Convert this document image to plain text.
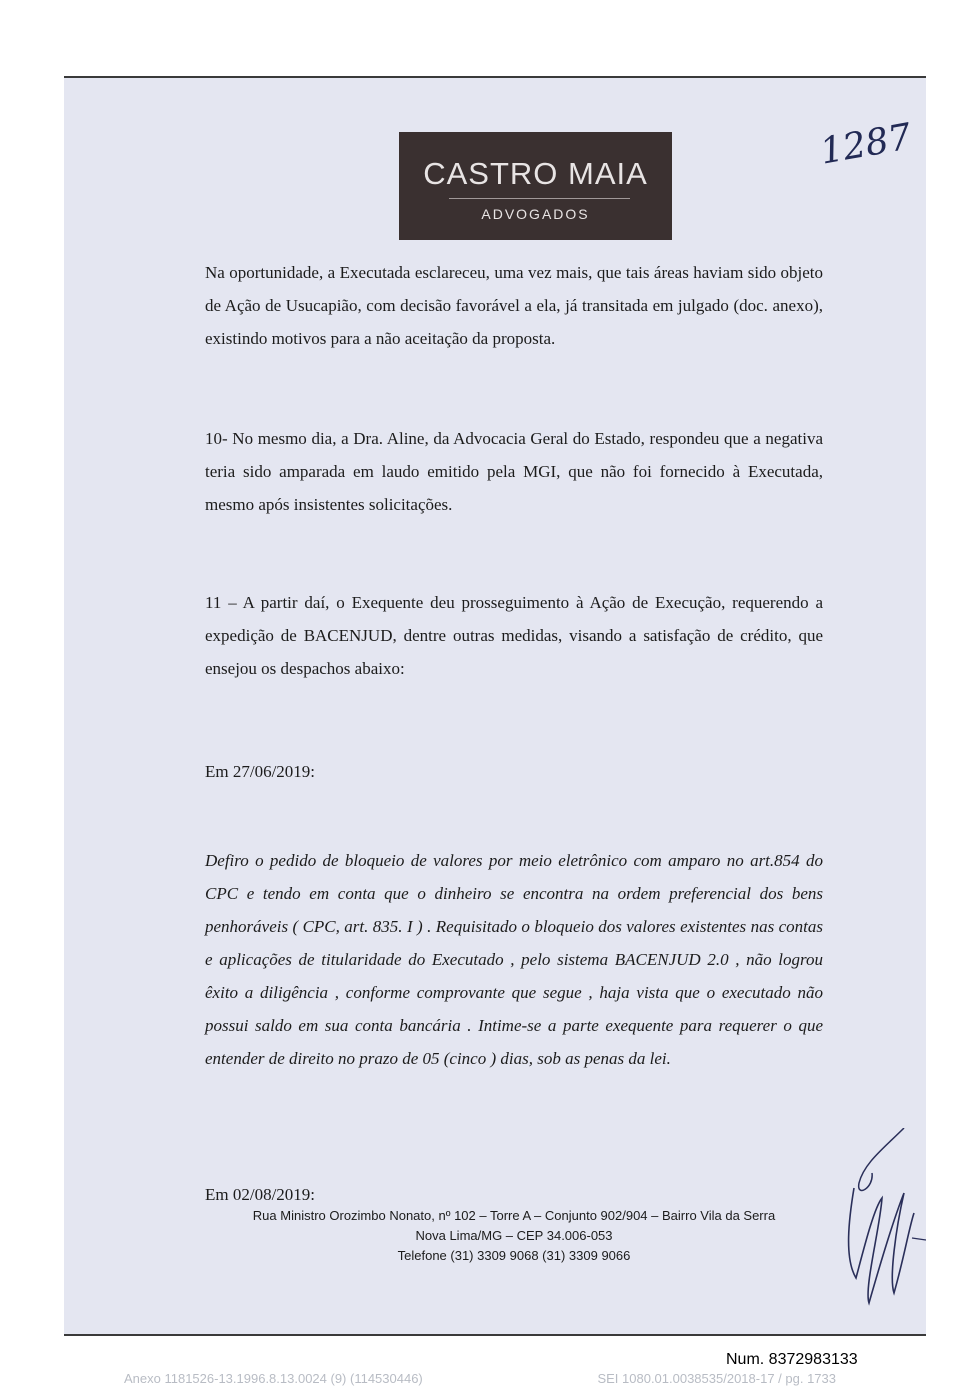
CASTRO MAIA
ADVOGADOS
1287
Na oportunidade, a Executada esclareceu, uma vez mais, que tais áreas haviam sido objeto de Ação de Usucapião, com decisão favorável a ela, já transitada em julgado (doc. anexo), existindo motivos para a não aceitação da proposta.
10- No mesmo dia, a Dra. Aline, da Advocacia Geral do Estado, respondeu que a negativa teria sido amparada em laudo emitido pela MGI, que não foi fornecido à Executada, mesmo após insistentes solicitações.
11 – A partir daí, o Exequente deu prosseguimento à Ação de Execução, requerendo a expedição de BACENJUD, dentre outras medidas, visando a satisfação de crédito, que ensejou os despachos abaixo:
Em 27/06/2019:
Defiro o pedido de bloqueio de valores por meio eletrônico com amparo no art.854 do CPC e tendo em conta que o dinheiro se encontra na ordem preferencial dos bens penhoráveis ( CPC, art. 835. I ) . Requisitado o bloqueio dos valores existentes nas contas e aplicações de titularidade do Executado , pelo sistema BACENJUD 2.0 , não logrou êxito a diligência , conforme comprovante que segue , haja vista que o executado não possui saldo em sua conta bancária . Intime-se a parte exequente para requerer o que entender de direito no prazo de 05 (cinco ) dias, sob as penas da lei.
Em 02/08/2019:
Rua Ministro Orozimbo Nonato, nº 102 – Torre A – Conjunto 902/904 – Bairro Vila da Serra
Nova Lima/MG – CEP 34.006-053
Telefone (31) 3309 9068 (31) 3309 9066
Num. 8372983133
Anexo 1181526-13.1996.8.13.0024 (9) (114530446)	SEI 1080.01.0038535/2018-17 / pg. 1733
